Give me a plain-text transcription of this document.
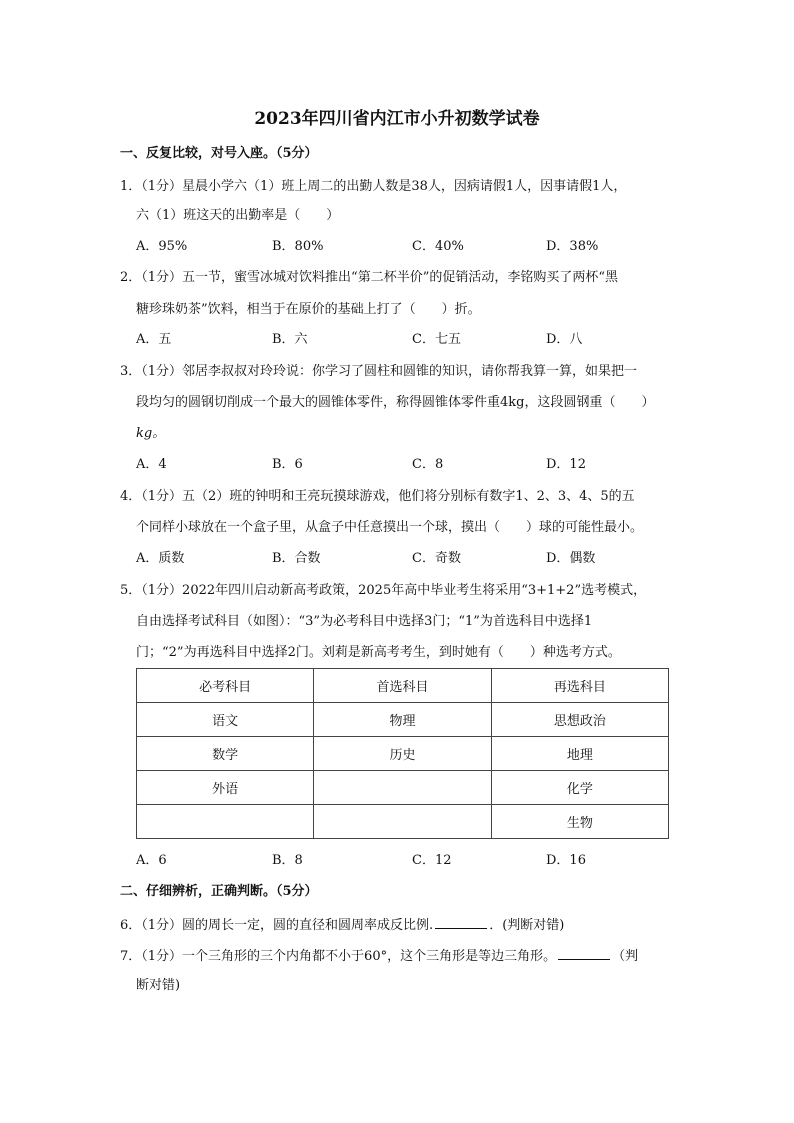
2023年四川省内江市小升初数学试卷
一、反复比较，对号入座。（5分）
1．（1分）星晨小学六（1）班上周二的出勤人数是38人，因病请假1人，因事请假1人，
六（1）班这天的出勤率是（　　）
A．95%	B．80%	C．40%	D．38%
2．（1分）五一节，蜜雪冰城对饮料推出“第二杯半价”的促销活动，李铭购买了两杯“黑
糖珍珠奶茶”饮料，相当于在原价的基础上打了（　　）折。
A．五	B．六	C．七五	D．八
3．（1分）邻居李叔叔对玲玲说：你学习了圆柱和圆锥的知识，请你帮我算一算，如果把一
段均匀的圆钢切削成一个最大的圆锥体零件，称得圆锥体零件重4kg，这段圆钢重（　　）
kg。
A．4	B．6	C．8	D．12
4．（1分）五（2）班的钟明和王亮玩摸球游戏，他们将分别标有数字1、2、3、4、5的五
个同样小球放在一个盒子里，从盒子中任意摸出一个球，摸出（　　）球的可能性最小。
A．质数	B．合数	C．奇数	D．偶数
5．（1分）2022年四川启动新高考政策，2025年高中毕业考生将采用“3+1+2”选考模式，
自由选择考试科目（如图）：“3”为必考科目中选择3门；“1”为首选科目中选择1
门；“2”为再选科目中选择2门。刘莉是新高考考生，到时她有（　　）种选考方式。
必考科目	首选科目	再选科目
语文	物理	思想政治
数学	历史	地理
外语		化学
		生物
A．6	B．8	C．12	D．16
二、仔细辨析，正确判断。（5分）
6．（1分）圆的周长一定，圆的直径和圆周率成反比例.	．(判断对错)
7．（1分）一个三角形的三个内角都不小于60°，这个三角形是等边三角形。	（判
断对错)
